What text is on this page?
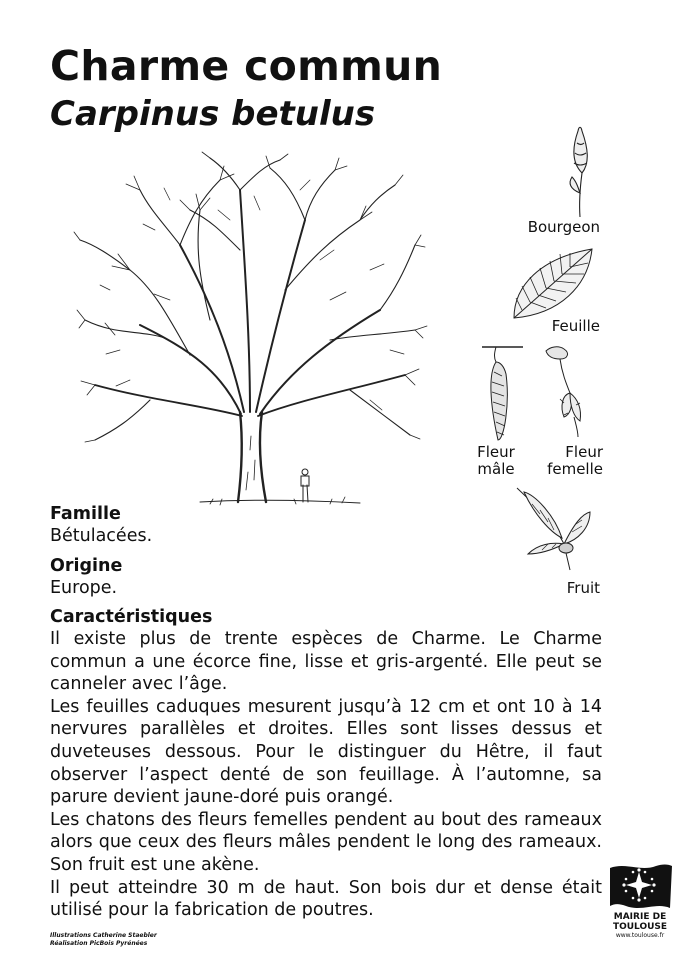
Charme commun
Carpinus betulus
Bourgeon
Feuille
Fleur
mâle
Fleur
femelle
Fruit
Famille

Bétulacées.

Origine

Europe.

Caractéristiques

Il existe plus de trente espèces de Charme. Le Charme commun a une écorce fine, lisse et gris-argenté. Elle peut se canneler avec l’âge.

Les feuilles caduques mesurent jusqu’à 12 cm et ont 10 à 14 nervures parallèles et droites. Elles sont lisses dessus et duveteuses dessous. Pour le distinguer du Hêtre, il faut observer l’aspect denté de son feuillage. À l’automne, sa parure devient jaune-doré puis orangé.

Les chatons des fleurs femelles pendent au bout des rameaux alors que ceux des fleurs mâles pendent le long des rameaux. Son fruit est une akène.

Il peut atteindre 30 m de haut. Son bois dur et dense était utilisé pour la fabrication de poutres.

Illustrations Catherine Staebler
Réalisation PicBois Pyrénées
MAIRIE DE
TOULOUSE
www.toulouse.fr
